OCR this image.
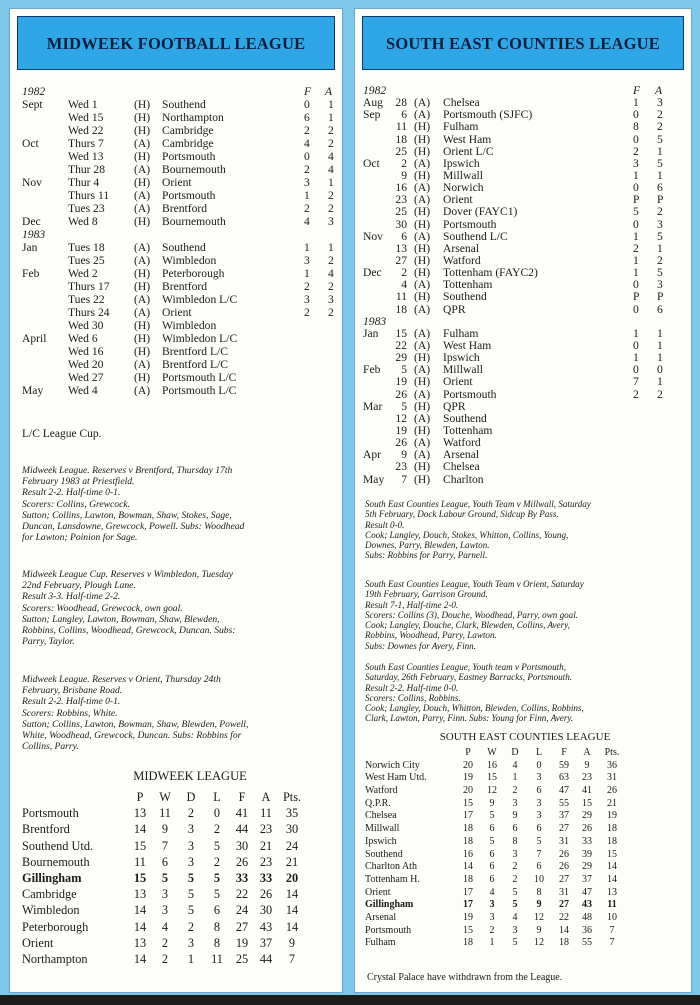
MIDWEEK FOOTBALL LEAGUE
F A
1982
Sept Wed 1	(H) Southend	0 1
Wed 15	(H) Northampton	6 1
Wed 22	(H) Cambridge	2 2
Oct	Thurs 7	(A) Cambridge	4 2
Wed 13	(H) Portsmouth	0 4
Thur 28 (A) Bournemouth	2 4
Nov Thur 4	(H) Orient	3 1
Thurs 11 (A) Portsmouth	1 2
Tues 23	(A) Brentford	2 2
Dec Wed 8	(H) Bournemouth	4 3
1983
Jan	Tues 18	(A) Southend	1 1
Tues 25	(A) Wimbledon	3 2
Feb Wed 2	(H) Peterborough	1 4
Thurs 17 (H) Brentford	2 2
Tues 22	(A) Wimbledon L/C	3 3
Thurs 24 (A) Orient	2 2
Wed 30	(H) Wimbledon
April Wed 6	(H) Wimbledon L/C
Wed 16	(H) Brentford L/C
Wed 20	(A) Brentford L/C
Wed 27	(H) Portsmouth L/C
May Wed 4	(A) Portsmouth L/C
L/C League Cup.
Midweek League. Reserves v Brentford, Thursday 17th
February 1983 at Priestfield.
Result 2-2. Half-time 0-1.
Scorers: Collins, Grewcock.
Sutton; Collins, Lawton, Bowman, Shaw, Stokes, Sage,
Duncan, Lansdowne, Grewcock, Powell. Subs: Woodhead
for Lawton; Poinion for Sage.
Midweek League Cup. Reserves v Wimbledon, Tuesday
22nd February, Plough Lane.
Result 3-3. Half-time 2-2.
Scorers: Woodhead, Grewcock, own goal.
Sutton; Langley, Lawton, Bowman, Shaw, Blewden,
Robbins, Collins, Woodhead, Grewcock, Duncan. Subs:
Parry, Taylor.
Midweek League. Reserves v Orient, Thursday 24th
February, Brisbane Road.
Result 2-2. Half-time 0-1.
Scorers: Robbins, White.
Sutton; Collins, Lawton, Bowman, Shaw, Blewden, Powell,
White, Woodhead, Grewcock, Duncan. Subs: Robbins for
Collins, Parry.
MIDWEEK LEAGUE
P	W	D	L	F	A	Pts.
Portsmouth	13	11	2	0	41 11	35
Brentford	14	9	3	2	44 23	30
Southend Utd.	15	7	3	5	30 21	24
Bournemouth	11	6	3	2	26 23	21
Gillingham	15	5	5	5	33 33	20
Cambridge	13	3	5	5	22 26	14
Wimbledon	14	3	5	6	24 30	14
Peterborough	14	4	2	8	27 43	14
Orient	13	2	3	8	19 37	9
Northampton	14	2	1	11	25 44	7
SOUTH EAST COUNTIES LEAGUE
F A
1982
Aug	28 (A) Chelsea	1 3
Sep	6 (A) Portsmouth (SJFC)	0 2
11 (H) Fulham	8 2
18 (H) West Ham	0 5
25 (H) Orient L/C	2 1
Oct	2 (A) Ipswich	3 5
9 (H) Millwall	1 1
16 (A) Norwich	0 6
23 (A) Orient	P P
25 (H) Dover (FAYC1)	5 2
30 (H) Portsmouth	0 3
Nov	6 (A) Southend L/C	1 5
13 (H) Arsenal	2 1
27 (H) Watford	1 2
Dec	2 (H) Tottenham (FAYC2)	1 5
4 (A) Tottenham	0 3
11 (H) Southend	P P
18 (A) QPR	0 6
1983
Jan	15 (A) Fulham	1 1
22 (A) West Ham	0 1
29 (H) Ipswich	1 1
Feb	5 (A) Millwall	0 0
19 (H) Orient	7 1
26 (A) Portsmouth	2 2
Mar	5 (H) QPR
12 (A) Southend
19 (H) Tottenham
26 (A) Watford
Apr	9 (A) Arsenal
23 (H) Chelsea
May	7 (H) Charlton
South East Counties League, Youth Team v Millwall, Saturday
5th February, Dock Labour Ground, Sidcup By Pass.
Result 0-0.
Cook; Langley, Douch, Stokes, Whitton, Collins, Young,
Downes, Parry, Blewden, Lawton.
Subs: Robbins for Parry, Parnell.
South East Counties League, Youth Team v Orient, Saturday
19th February, Garrison Ground.
Result 7-1, Half-time 2-0.
Scorers: Collins (3), Douche, Woodhead, Parry, own goal.
Cook; Langley, Douche, Clark, Blewden, Collins, Avery,
Robbins, Woodhead, Parry, Lawton.
Subs: Downes for Avery, Finn.
South East Counties League, Youth team v Portsmouth,
Saturday, 26th February, Eastney Barracks, Portsmouth.
Result 2-2. Half-time 0-0.
Scorers: Collins, Robbins.
Cook; Langley, Douch, Whitton, Blewden, Collins, Robbins,
Clark, Lawton, Parry, Finn. Subs: Young for Finn, Avery.
SOUTH EAST COUNTIES LEAGUE
P	W	D	L	F	A	Pts.
Norwich City	20	16	4	0	59	9	36
West Ham Utd.	19	15	1	3	63	23	31
Watford	20	12	2	6	47	41	26
Q.P.R.	15	9	3	3	55	15	21
Chelsea	17	5	9	3	37	29	19
Millwall	18	6	6	6	27	26	18
Ipswich	18	5	8	5	31	33	18
Southend	16	6	3	7	26	39	15
Charlton Ath	14	6	2	6	26	29	14
Tottenham H.	18	6	2	10	27	37	14
Orient	17	4	5	8	31	47	13
Gillingham	17	3	5	9	27	43	11
Arsenal	19	3	4	12	22	48	10
Portsmouth	15	2	3	9	14	36	7
Fulham	18	1	5	12	18	55	7
Crystal Palace have withdrawn from the League.
